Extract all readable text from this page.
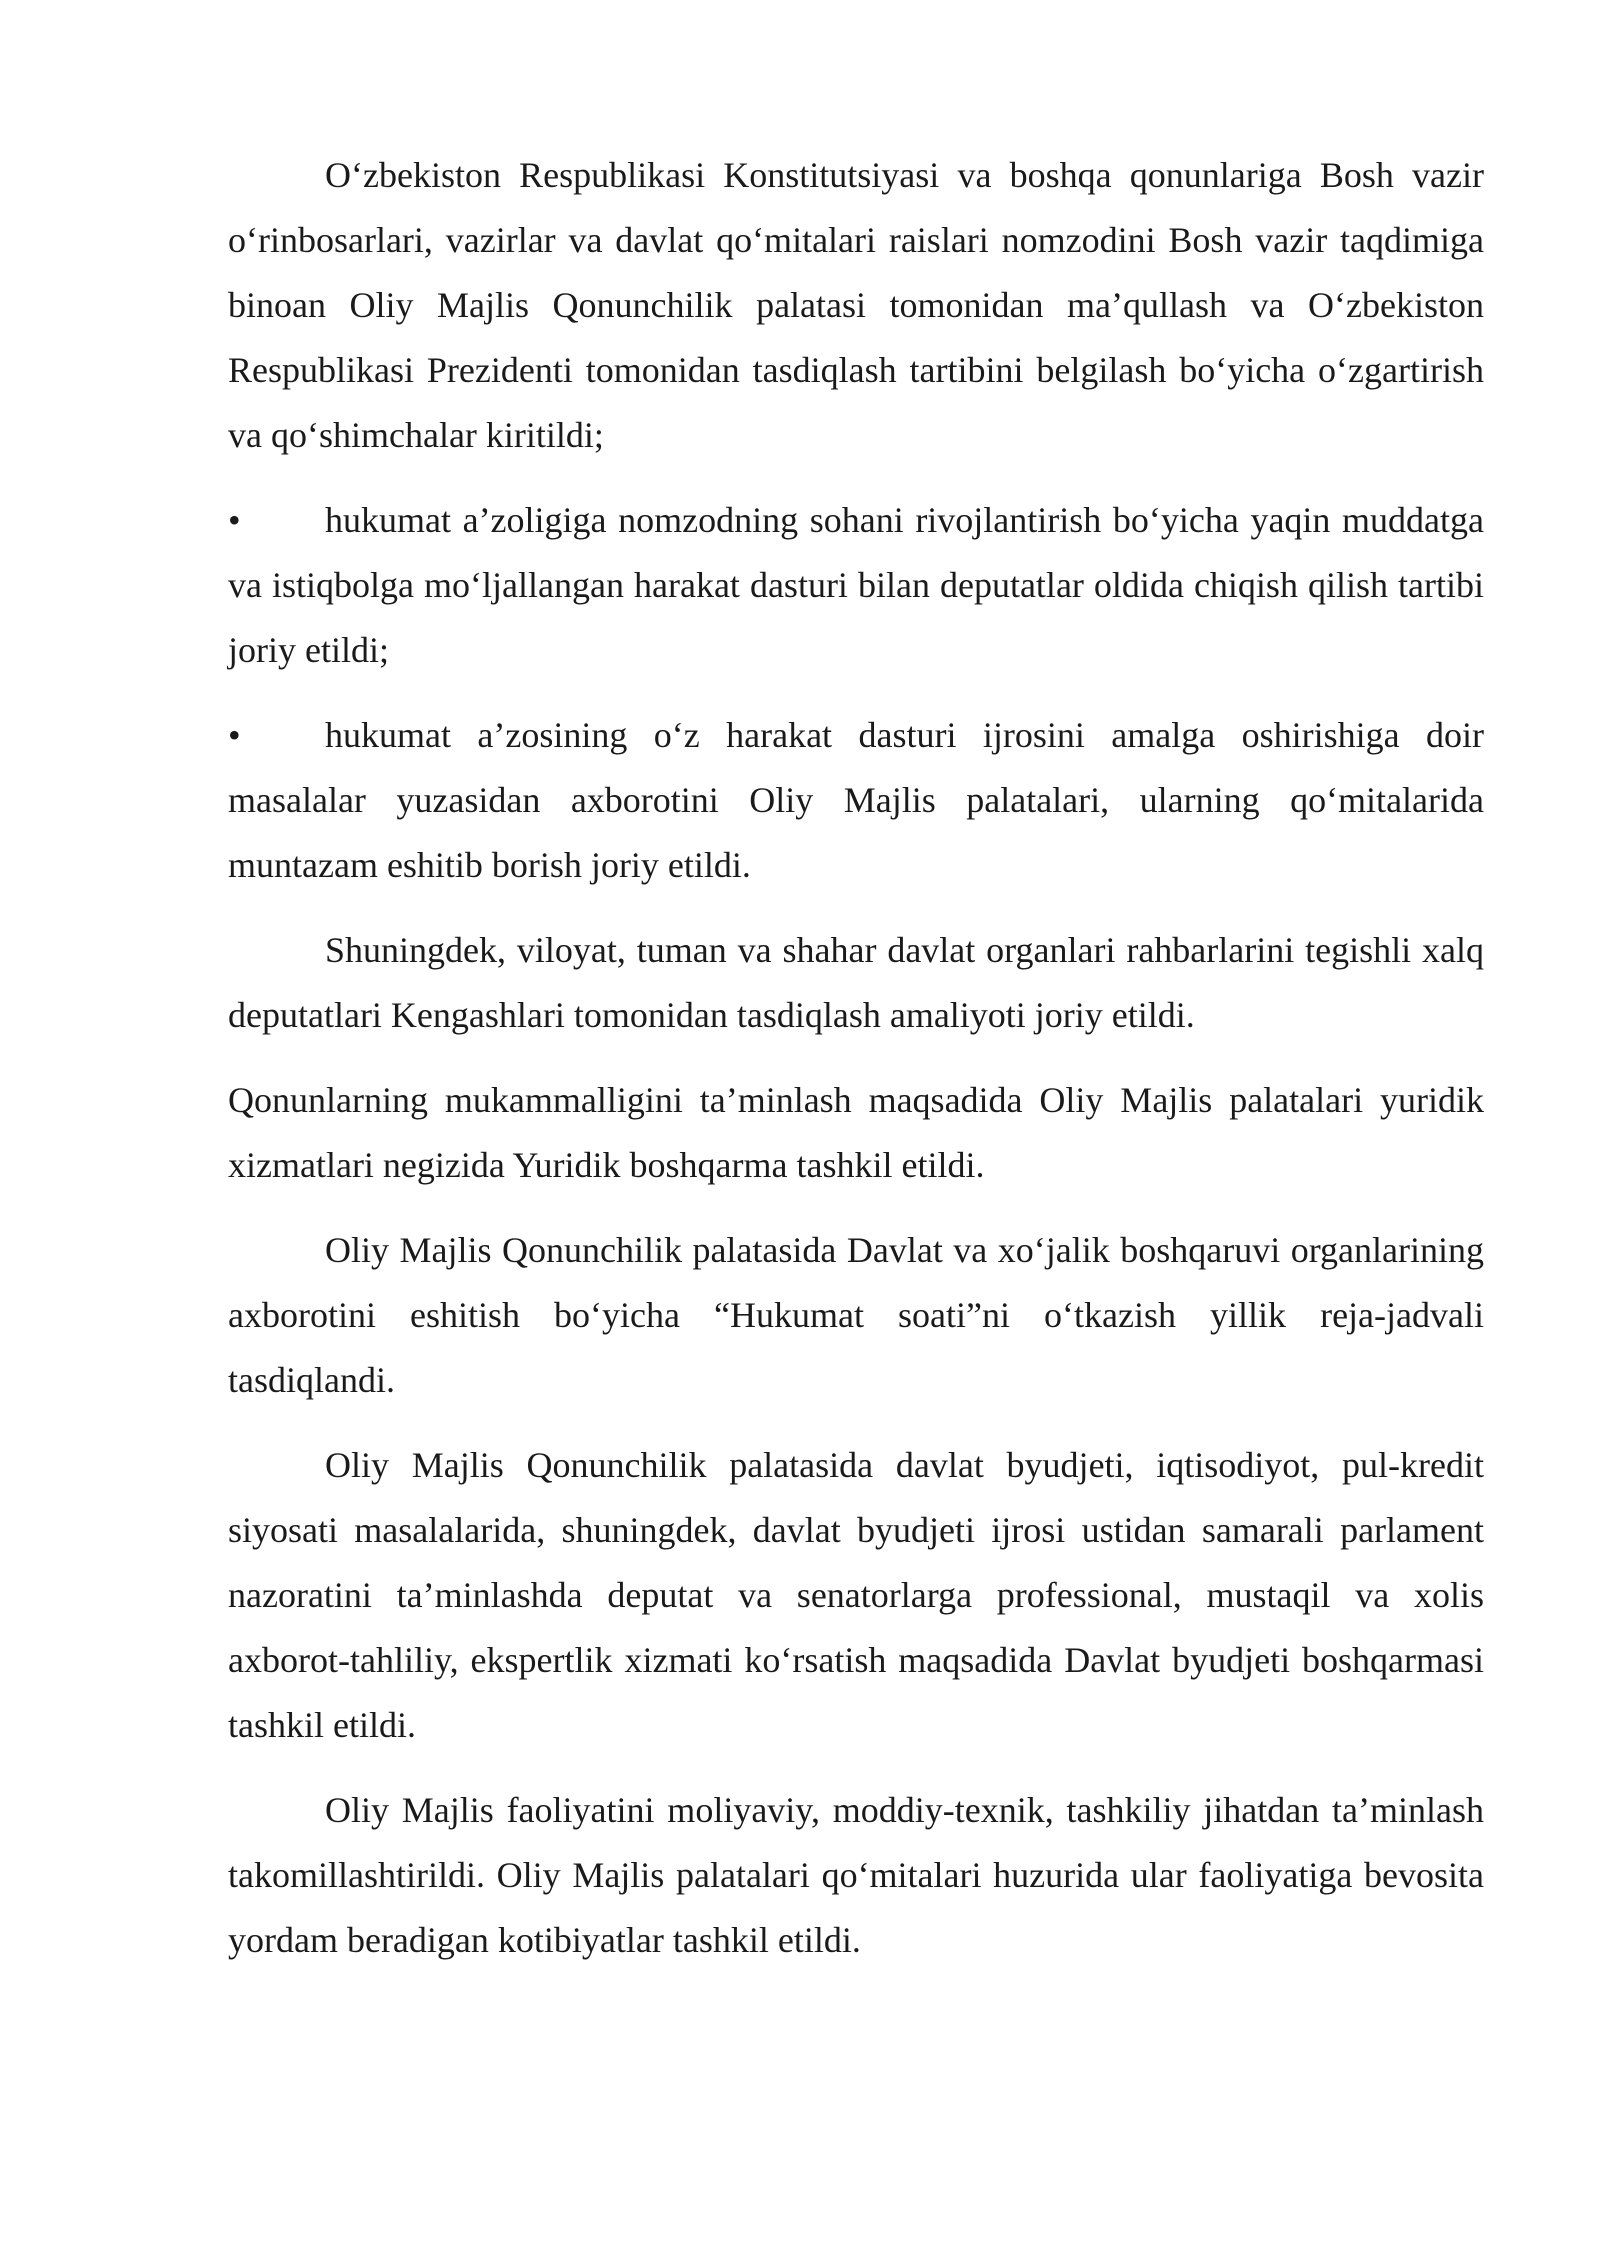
O‘zbekiston Respublikasi Konstitutsiyasi va boshqa qonunlariga Bosh vazir o‘rinbosarlari, vazirlar va davlat qo‘mitalari raislari nomzodini Bosh vazir taqdimiga binoan Oliy Majlis Qonunchilik palatasi tomonidan ma’qullash va O‘zbekiston Respublikasi Prezidenti tomonidan tasdiqlash tartibini belgilash bo‘yicha o‘zgartirish va qo‘shimchalar kiritildi;

• hukumat a’zoligiga nomzodning sohani rivojlantirish bo‘yicha yaqin muddatga va istiqbolga mo‘ljallangan harakat dasturi bilan deputatlar oldida chiqish qilish tartibi joriy etildi;

• hukumat a’zosining o‘z harakat dasturi ijrosini amalga oshirishiga doir masalalar yuzasidan axborotini Oliy Majlis palatalari, ularning qo‘mitalarida muntazam eshitib borish joriy etildi.

Shuningdek, viloyat, tuman va shahar davlat organlari rahbarlarini tegishli xalq deputatlari Kengashlari tomonidan tasdiqlash amaliyoti joriy etildi.

Qonunlarning mukammalligini ta’minlash maqsadida Oliy Majlis palatalari yuridik xizmatlari negizida Yuridik boshqarma tashkil etildi.

Oliy Majlis Qonunchilik palatasida Davlat va xo‘jalik boshqaruvi organlarining axborotini eshitish bo‘yicha “Hukumat soati”ni o‘tkazish yillik reja-jadvali tasdiqlandi.

Oliy Majlis Qonunchilik palatasida davlat byudjeti, iqtisodiyot, pul-kredit siyosati masalalarida, shuningdek, davlat byudjeti ijrosi ustidan samarali parlament nazoratini ta’minlashda deputat va senatorlarga professional, mustaqil va xolis axborot-tahliliy, ekspertlik xizmati ko‘rsatish maqsadida Davlat byudjeti boshqarmasi tashkil etildi.

Oliy Majlis faoliyatini moliyaviy, moddiy-texnik, tashkiliy jihatdan ta’minlash takomillashtirildi. Oliy Majlis palatalari qo‘mitalari huzurida ular faoliyatiga bevosita yordam beradigan kotibiyatlar tashkil etildi.
